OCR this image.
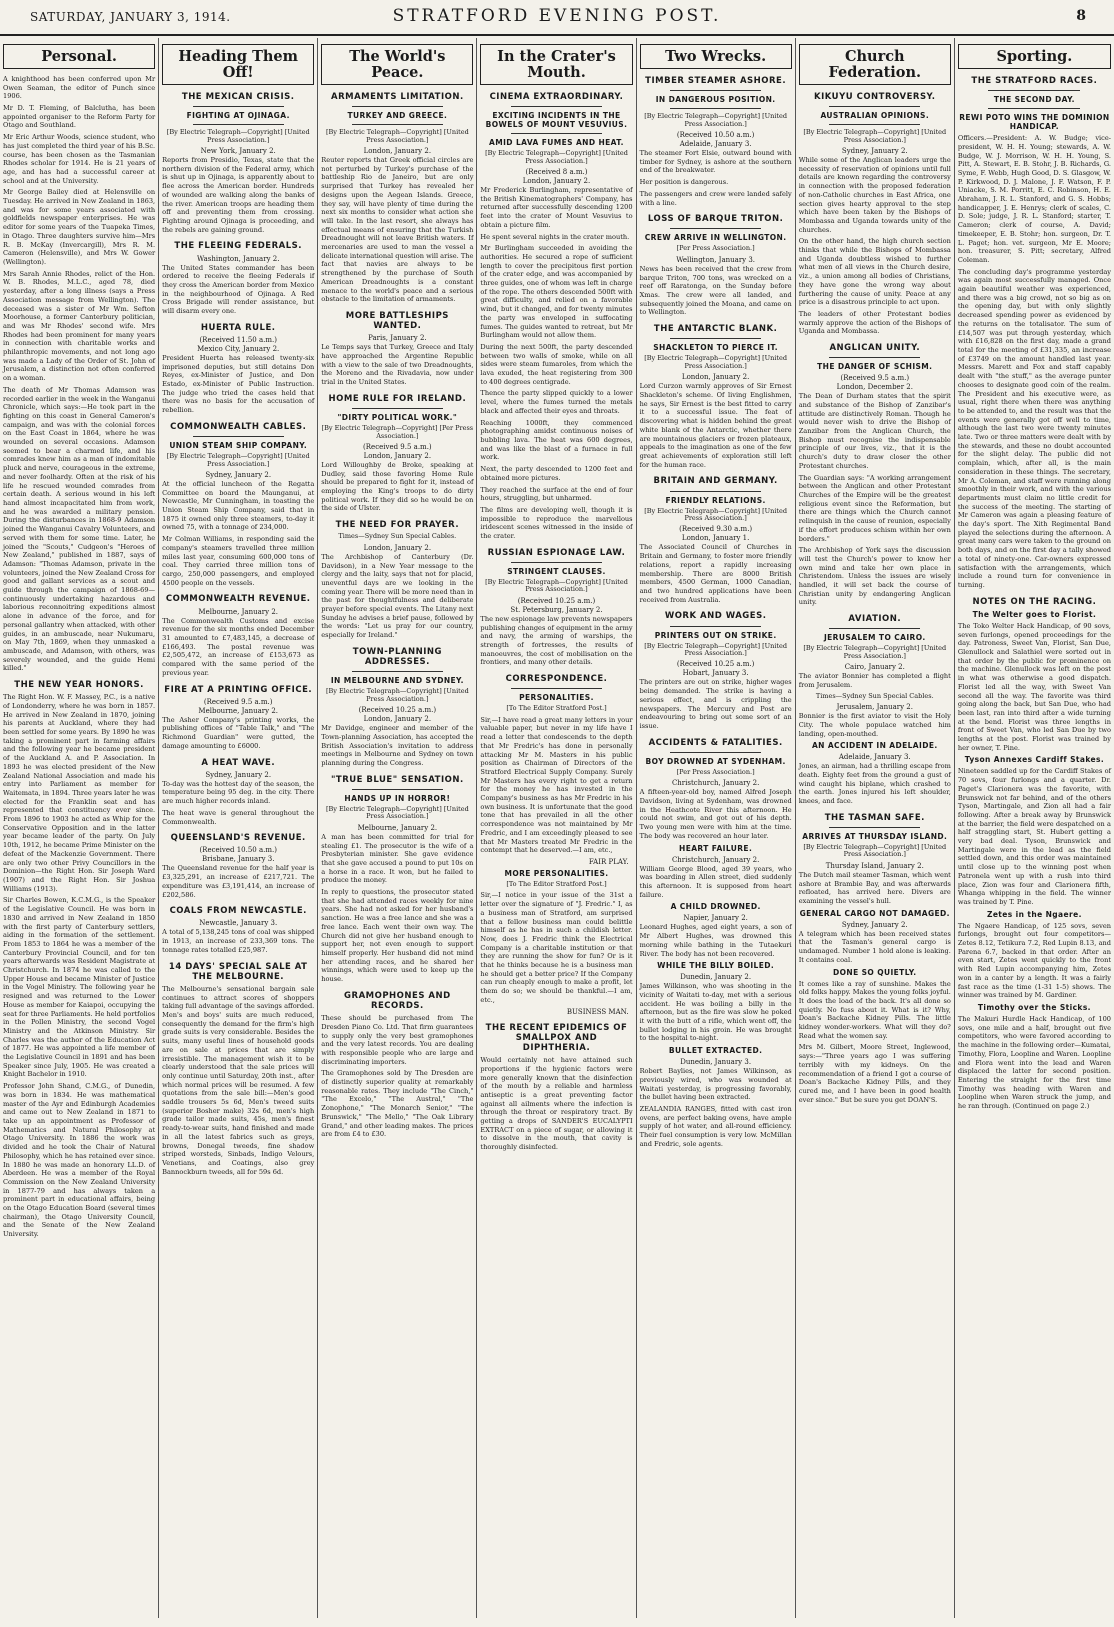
SATURDAY, JANUARY 3, 1914.	STRATFORD EVENING POST.	8
Personal.
A knighthood has been conferred upon Mr Owen Seaman, the editor of Punch since 1906.
Mr D. T. Fleming, of Balclutha, has been appointed organiser to the Reform Party for Otago and Southland.
Mr Eric Arthur Woods, science student, who has just completed the third year of his B.Sc. course, has been chosen as the Tasmanian Rhodes scholar for 1914. He is 21 years of age, and has had a successful career at school and at the University.
Mr George Bailey died at Helensville on Tuesday. He arrived in New Zealand in 1863, and was for some years associated with goldfields newspaper enterprises. He was editor for some years of the Tuapeka Times, in Otago. Three daughters survive him—Mrs R. B. McKay (Invercargill), Mrs R. M. Cameron (Helensville), and Mrs W. Gower (Wellington).
Mrs Sarah Annie Rhodes, relict of the Hon. W. B. Rhodes, M.L.C., aged 78, died yesterday, after a long illness (says a Press Association message from Wellington). The deceased was a sister of Mr Wm. Sefton Moorhouse, a former Canterbury politician, and was Mr Rhodes' second wife. Mrs Rhodes had been prominent for many years in connection with charitable works and philanthropic movements, and not long ago was made a Lady of the Order of St. John of Jerusalem, a distinction not often conferred on a woman.
The death of Mr Thomas Adamson was recorded earlier in the week in the Wanganui Chronicle, which says:—He took part in the fighting on this coast in General Cameron's campaign, and was with the colonial forces on the East Coast in 1864, where he was wounded on several occasions. Adamson seemed to bear a charmed life, and his comrades knew him as a man of indomitable pluck and nerve, courageous in the extreme, and never foolhardy. Often at the risk of his life he rescued wounded comrades from certain death. A serious wound in his left hand almost incapacitated him from work, and he was awarded a military pension. During the disturbances in 1868-9 Adamson joined the Wanganui Cavalry Volunteers, and served with them for some time. Later, he joined the "Scouts," Cudgeon's "Heroes of New Zealand," published in 1887, says of Adamson: "Thomas Adamson, private in the volunteers, joined the New Zealand Cross for good and gallant services as a scout and guide through the campaign of 1868-69—continuously undertaking hazardous and laborious reconnoitring expeditions almost alone in advance of the force, and for personal gallantry when attacked, with other guides, in an ambuscade, near Nukumaru, on May 7th, 1869, when they unmasked a ambuscade, and Adamson, with others, was severely wounded, and the guide Hemi killed."
THE NEW YEAR HONORS.
The Right Hon. W. F. Massey, P.C., is a native of Londonderry, where he was born in 1857. He arrived in New Zealand in 1870, joining his parents at Auckland, where they had been settled for some years. By 1890 he was taking a prominent part in farming affairs and the following year he became president of the Auckland A. and P. Association. In 1893 he was elected president of the New Zealand National Association and made his entry into Parliament as member for Waitemata, in 1894. Three years later he was elected for the Franklin seat and has represented that constituency ever since. From 1896 to 1903 he acted as Whip for the Conservative Opposition and in the latter year became leader of the party. On July 10th, 1912, he became Prime Minister on the defeat of the Mackenzie Government. There are only two other Privy Councillors in the Dominion—the Right Hon. Sir Joseph Ward (1907) and the Right Hon. Sir Joshua Williams (1913).
Sir Charles Bowen, K.C.M.G., is the Speaker of the Legislative Council. He was born in 1830 and arrived in New Zealand in 1850 with the first party of Canterbury settlers, aiding in the formation of the settlement. From 1853 to 1864 he was a member of the Canterbury Provincial Council, and for ten years afterwards was Resident Magistrate at Christchurch. In 1874 he was called to the Upper House and became Minister of Justice in the Vogel Ministry. The following year he resigned and was returned to the Lower House as member for Kaiapoi, occupying the seat for three Parliaments. He held portfolios in the Pollen Ministry, the second Vogel Ministry and the Atkinson Ministry. Sir Charles was the author of the Education Act of 1877. He was appointed a life member of the Legislative Council in 1891 and has been Speaker since July, 1905. He was created a Knight Bachelor in 1910.
Professor John Shand, C.M.G., of Dunedin, was born in 1834. He was mathematical master of the Ayr and Edinburgh Academies and came out to New Zealand in 1871 to take up an appointment as Professor of Mathematics and Natural Philosophy at Otago University. In 1886 the work was divided and he took the Chair of Natural Philosophy, which he has retained ever since. In 1880 he was made an honorary LL.D. of Aberdeen. He was a member of the Royal Commission on the New Zealand University in 1877-79 and has always taken a prominent part in educational affairs, being on the Otago Education Board (several times chairman), the Otago University Council, and the Senate of the New Zealand University.
Heading Them Off!
THE MEXICAN CRISIS.
FIGHTING AT OJINAGA.
[By Electric Telegraph—Copyright] [United Press Association.]
New York, January 2.
Reports from Presidio, Texas, state that the northern division of the Federal army, which is shut up in Ojinaga, is apparently about to flee across the American border. Hundreds of wounded are walking along the banks of the river. American troops are heading them off and preventing them from crossing. Fighting around Ojinaga is proceeding, and the rebels are gaining ground.
THE FLEEING FEDERALS.
Washington, January 2.
The United States commander has been ordered to receive the fleeing Federals if they cross the American border from Mexico in the neighbourhood of Ojinaga. A Red Cross Brigade will render assistance, but will disarm every one.
HUERTA RULE.
(Received 11.50 a.m.)
Mexico City, January 2.
President Huerta has released twenty-six imprisoned deputies, but still detains Don Reyes, ex-Minister of Justice, and Don Estado, ex-Minister of Public Instruction. The judge who tried the cases held that there was no basis for the accusation of rebellion.
COMMONWEALTH CABLES.
UNION STEAM SHIP COMPANY.
[By Electric Telegraph—Copyright] [United Press Association.]
Sydney, January 2.
At the official luncheon of the Regatta Committee on board the Maunganui, at Newcastle, Mr Cunningham, in toasting the Union Steam Ship Company, said that in 1875 it owned only three steamers, to-day it owned 75, with a tonnage of 234,000.
Mr Colman Williams, in responding said the company's steamers travelled three million miles last year, consuming 600,000 tons of coal. They carried three million tons of cargo, 250,000 passengers, and employed 4500 people on the vessels.
COMMONWEALTH REVENUE.
Melbourne, January 2.
The Commonwealth Customs and excise revenue for the six months ended December 31 amounted to £7,483,145, a decrease of £166,493. The postal revenue was £2,505,472, an increase of £153,673 as compared with the same period of the previous year.
FIRE AT A PRINTING OFFICE.
(Received 9.5 a.m.)
Melbourne, January 2.
The Asher Company's printing works, the publishing offices of "Table Talk," and "The Richmond Guardian" were gutted, the damage amounting to £6000.
A HEAT WAVE.
Sydney, January 2.
To-day was the hottest day of the season, the temperature being 95 deg. in the city. There are much higher records inland.
The heat wave is general throughout the Commonwealth.
QUEENSLAND'S REVENUE.
(Received 10.50 a.m.)
Brisbane, January 3.
The Queensland revenue for the half year is £3,325,291, an increase of £217,721. The expenditure was £3,191,414, an increase of £202,586.
COALS FROM NEWCASTLE.
Newcastle, January 3.
A total of 5,138,245 tons of coal was shipped in 1913, an increase of 233,369 tons. The tonnage rates totalled £25,987.
14 DAYS' SPECIAL SALE AT THE MELBOURNE.
The Melbourne's sensational bargain sale continues to attract scores of shoppers taking full advantage of the savings afforded. Men's and boys' suits are much reduced, consequently the demand for the firm's high grade suits is very considerable. Besides the suits, many useful lines of household goods are on sale at prices that are simply irresistible. The management wish it to be clearly understood that the sale prices will only continue until Saturday, 20th inst., after which normal prices will be resumed. A few quotations from the sale bill:—Men's good saddle trousers 5s 6d, Men's tweed suits (superior Bosher make) 32s 6d, men's high grade tailor made suits, 45s, men's finest ready-to-wear suits, hand finished and made in all the latest fabrics such as greys, browns, Donegal tweeds, fine shadow striped worsteds, Sinbads, Indigo Velours, Venetians, and Coatings, also grey Bannockburn tweeds, all for 59s 6d.
The World's Peace.
ARMAMENTS LIMITATION.
TURKEY AND GREECE.
[By Electric Telegraph—Copyright] [United Press Association.]
London, January 2.
Reuter reports that Greek official circles are not perturbed by Turkey's purchase of the battleship Rio de Janeiro, but are only surprised that Turkey has revealed her designs upon the Aegean Islands. Greece, they say, will have plenty of time during the next six months to consider what action she will take. In the last resort, she always has effectual means of ensuring that the Turkish Dreadnought will not leave British waters. If mercenaries are used to man the vessel a delicate international question will arise. The fact that navies are always to be strengthened by the purchase of South American Dreadnoughts is a constant menace to the world's peace and a serious obstacle to the limitation of armaments.
MORE BATTLESHIPS WANTED.
Paris, January 2.
Le Temps says that Turkey, Greece and Italy have approached the Argentine Republic with a view to the sale of two Dreadnoughts, the Moreno and the Rivadavia, now under trial in the United States.
HOME RULE FOR IRELAND.
"DIRTY POLITICAL WORK."
[By Electric Telegraph—Copyright] [Per Press Association.]
(Received 9.5 a.m.)
London, January 2.
Lord Willoughby de Broke, speaking at Dudley, said those favoring Home Rule should be prepared to fight for it, instead of employing the King's troops to do dirty political work. If they did so he would be on the side of Ulster.
THE NEED FOR PRAYER.
Times—Sydney Sun Special Cables.
London, January 2.
The Archbishop of Canterbury (Dr. Davidson), in a New Year message to the clergy and the laity, says that not for placid, uneventful days are we looking in the coming year. There will be more need than in the past for thoughtfulness and deliberate prayer before special events. The Litany next Sunday he advises a brief pause, followed by the words: "Let us pray for our country, especially for Ireland."
TOWN-PLANNING ADDRESSES.
IN MELBOURNE AND SYDNEY.
[By Electric Telegraph—Copyright] [United Press Association.]
(Received 10.25 a.m.)
London, January 2.
Mr Davidge, engineer and member of the Town-planning Association, has accepted the British Association's invitation to address meetings in Melbourne and Sydney on town planning during the Congress.
"TRUE BLUE" SENSATION.
HANDS UP IN HORROR!
[By Electric Telegraph—Copyright] [United Press Association.]
Melbourne, January 2.
A man has been committed for trial for stealing £1. The prosecutor is the wife of a Presbyterian minister. She gave evidence that she gave accused a pound to put 10s on a horse in a race. It won, but he failed to produce the money.
In reply to questions, the prosecutor stated that she had attended races weekly for nine years. She had not asked for her husband's sanction. He was a free lance and she was a free lance. Each went their own way. The Church did not give her husband enough to support her, not even enough to support himself properly. Her husband did not mind her attending races, and he shared her winnings, which were used to keep up the house.
GRAMOPHONES AND RECORDS.
These should be purchased from The Dresden Piano Co. Ltd. That firm guarantees to supply only the very best gramophones and the very latest records. You are dealing with responsible people who are large and discriminating importers.
The Gramophones sold by The Dresden are of distinctly superior quality at remarkably reasonable rates. They include "The Cinch," "The Excelo," "The Austral," "The Zonophone," "The Monarch Senior," "The Brunswick," "The Mello," "The Oak Library Grand," and other leading makes. The prices are from £4 to £30.
In the Crater's Mouth.
CINEMA EXTRAORDINARY.
EXCITING INCIDENTS IN THE BOWELS OF MOUNT VESUVIUS.
AMID LAVA FUMES AND HEAT.
[By Electric Telegraph—Copyright] [United Press Association.]
(Received 8 a.m.)
London, January 2.
Mr Frederick Burlingham, representative of the British Kinematographers' Company, has returned after successfully descending 1200 feet into the crater of Mount Vesuvius to obtain a picture film.
He spent several nights in the crater mouth.
Mr Burlingham succeeded in avoiding the authorities. He secured a rope of sufficient length to cover the precipitous first portion of the crater edge, and was accompanied by three guides, one of whom was left in charge of the rope. The others descended 500ft with great difficulty, and relied on a favorable wind, but it changed, and for twenty minutes the party was enveloped in suffocating fumes. The guides wanted to retreat, but Mr Burlingham would not allow them.
During the next 500ft, the party descended between two walls of smoke, while on all sides were steam fumaroles, from which the lava exuded, the heat registering from 300 to 400 degrees centigrade.
Thence the party slipped quickly to a lower level, where the fumes turned the metals black and affected their eyes and throats.
Reaching 1000ft, they commenced photographing amidst continuous noises of bubbling lava. The heat was 600 degrees, and was like the blast of a furnace in full work.
Next, the party descended to 1200 feet and obtained more pictures.
They reached the surface at the end of four hours, struggling, but unharmed.
The films are developing well, though it is impossible to reproduce the marvellous iridescent scenes witnessed in the inside of the crater.
RUSSIAN ESPIONAGE LAW.
STRINGENT CLAUSES.
[By Electric Telegraph—Copyright] [United Press Association.]
(Received 10.25 a.m.)
St. Petersburg, January 2.
The new espionage law prevents newspapers publishing changes of equipment in the army and navy, the arming of warships, the strength of fortresses, the results of manoeuvres, the cost of mobilisation on the frontiers, and many other details.
CORRESPONDENCE.
PERSONALITIES.
[To The Editor Stratford Post.]
Sir,—I have read a great many letters in your valuable paper, but never in my life have I read a letter that condescends to the depth that Mr Fredric's has done in personally attacking Mr M. Masters in his public position as Chairman of Directors of the Stratford Electrical Supply Company. Surely Mr Masters has every right to get a return for the money he has invested in the Company's business as has Mr Fredric in his own business. It is unfortunate that the good tone that has prevailed in all the other correspondence was not maintained by Mr Fredric, and I am exceedingly pleased to see that Mr Masters treated Mr Fredric in the contempt that he deserved.—I am, etc.,
FAIR PLAY.
MORE PERSONALITIES.
[To The Editor Stratford Post.]
Sir,—I notice in your issue of the 31st a letter over the signature of "J. Fredric." I, as a business man of Stratford, am surprised that a fellow business man could belittle himself as he has in such a childish letter. Now, does J. Fredric think the Electrical Company is a charitable institution or that they are running the show for fun? Or is it that he thinks because he is a business man he should get a better price? If the Company can run cheaply enough to make a profit, let them do so; we should be thankful.—I am, etc.,
BUSINESS MAN.
THE RECENT EPIDEMICS OF SMALLPOX AND DIPHTHERIA.
Would certainly not have attained such proportions if the hygienic factors were more generally known that the disinfection of the mouth by a reliable and harmless antiseptic is a great preventing factor against all ailments where the infection is through the throat or respiratory tract. By getting a drops of SANDER'S EUCALYPTI EXTRACT on a piece of sugar, or allowing it to dissolve in the mouth, that cavity is thoroughly disinfected.
Two Wrecks.
TIMBER STEAMER ASHORE.
IN DANGEROUS POSITION.
[By Electric Telegraph—Copyright] [United Press Association.]
(Received 10.50 a.m.)
Adelaide, January 3.
The steamer Fort Elsie, outward bound with timber for Sydney, is ashore at the southern end of the breakwater.
Her position is dangerous.
The passengers and crew were landed safely with a line.
LOSS OF BARQUE TRITON.
CREW ARRIVE IN WELLINGTON.
[Per Press Association.]
Wellington, January 3.
News has been received that the crew from barque Triton, 700 tons, was wrecked on a reef off Raratonga, on the Sunday before Xmas. The crew were all landed, and subsequently joined the Moana, and came on to Wellington.
THE ANTARCTIC BLANK.
SHACKLETON TO PIERCE IT.
[By Electric Telegraph—Copyright] [United Press Association.]
London, January 2.
Lord Curzon warmly approves of Sir Ernest Shackleton's scheme. Of living Englishmen, he says, Sir Ernest is the best fitted to carry it to a successful issue. The feat of discovering what is hidden behind the great white blank of the Antarctic, whether there are mountainous glaciers or frozen plateaux, appeals to the imagination as one of the few great achievements of exploration still left for the human race.
BRITAIN AND GERMANY.
FRIENDLY RELATIONS.
[By Electric Telegraph—Copyright] [United Press Association.]
(Received 9.30 a.m.)
London, January 1.
The Associated Council of Churches in Britain and Germany, to foster more friendly relations, report a rapidly increasing membership. There are 8000 British members, 4500 German, 1000 Canadian, and two hundred applications have been received from Australia.
WORK AND WAGES.
PRINTERS OUT ON STRIKE.
[By Electric Telegraph—Copyright] [United Press Association.]
(Received 10.25 a.m.)
Hobart, January 3.
The printers are out on strike, higher wages being demanded. The strike is having a serious effect, and is crippling the newspapers. The Mercury and Post are endeavouring to bring out some sort of an issue.
ACCIDENTS & FATALITIES.
BOY DROWNED AT SYDENHAM.
[Per Press Association.]
Christchurch, January 2.
A fifteen-year-old boy, named Alfred Joseph Davidson, living at Sydenham, was drowned in the Heathcote River this afternoon. He could not swim, and got out of his depth. Two young men were with him at the time. The body was recovered an hour later.
HEART FAILURE.
Christchurch, January 2.
William George Blood, aged 39 years, who was boarding in Allen street, died suddenly this afternoon. It is supposed from heart failure.
A CHILD DROWNED.
Napier, January 2.
Leonard Hughes, aged eight years, a son of Mr Albert Hughes, was drowned this morning while bathing in the Tutaekuri River. The body has not been recovered.
WHILE THE BILLY BOILED.
Dunedin, January 2.
James Wilkinson, who was shooting in the vicinity of Waitati to-day, met with a serious accident. He was boiling a billy in the afternoon, but as the fire was slow he poked it with the butt of a rifle, which went off, the bullet lodging in his groin. He was brought to the hospital to-night.
BULLET EXTRACTED.
Dunedin, January 3.
Robert Baylies, not James Wilkinson, as previously wired, who was wounded at Waitati yesterday, is progressing favorably, the bullet having been extracted.
ZEALANDIA RANGES, fitted with cast iron ovens, are perfect baking ovens, have ample supply of hot water, and all-round efficiency. Their fuel consumption is very low. McMillan and Fredric, sole agents.
Church Federation.
KIKUYU CONTROVERSY.
AUSTRALIAN OPINIONS.
[By Electric Telegraph—Copyright] [United Press Association.]
Sydney, January 2.
While some of the Anglican leaders urge the necessity of reservation of opinions until full details are known regarding the controversy in connection with the proposed federation of non-Catholic churches in East Africa, one section gives hearty approval to the step which have been taken by the Bishops of Mombassa and Uganda towards unity of the churches.
On the other hand, the high church section thinks that while the Bishops of Mombassa and Uganda doubtless wished to further what men of all views in the Church desire, viz., a union among all bodies of Christians, they have gone the wrong way about furthering the cause of unity. Peace at any price is a disastrous principle to act upon.
The leaders of other Protestant bodies warmly approve the action of the Bishops of Uganda and Mombassa.
ANGLICAN UNITY.
THE DANGER OF SCHISM.
(Received 9.5 a.m.)
London, December 2.
The Dean of Durham states that the spirit and substance of the Bishop of Zanzibar's attitude are distinctively Roman. Though he would never wish to drive the Bishop of Zanzibar from the Anglican Church, the Bishop must recognise the indispensable principle of our lives, viz., that it is the church's duty to draw closer the other Protestant churches.
The Guardian says: "A working arrangement between the Anglican and other Protestant Churches of the Empire will be the greatest religious event since the Reformation, but there are things which the Church cannot relinquish in the cause of reunion, especially if the effort produces schism within her own borders."
The Archbishop of York says the discussion will test the Church's power to know her own mind and take her own place in Christendom. Unless the issues are wisely handled, it will set back the course of Christian unity by endangering Anglican unity.
AVIATION.
JERUSALEM TO CAIRO.
[By Electric Telegraph—Copyright] [United Press Association.]
Cairo, January 2.
The aviator Bonnier has completed a flight from Jerusalem.
Times—Sydney Sun Special Cables.
Jerusalem, January 2.
Bonnier is the first aviator to visit the Holy City. The whole populace watched him landing, open-mouthed.
AN ACCIDENT IN ADELAIDE.
Adelaide, January 3.
Jones, an airman, had a thrilling escape from death. Eighty feet from the ground a gust of wind caught his biplane, which crashed to the earth. Jones injured his left shoulder, knees, and face.
THE TASMAN SAFE.
ARRIVES AT THURSDAY ISLAND.
[By Electric Telegraph—Copyright] [United Press Association.]
Thursday Island, January 2.
The Dutch mail steamer Tasman, which went ashore at Brambie Bay, and was afterwards refloated, has arrived here. Divers are examining the vessel's hull.
GENERAL CARGO NOT DAMAGED.
Sydney, January 2.
A telegram which has been received states that the Tasman's general cargo is undamaged. Number 1 hold alone is leaking. It contains coal.
DONE SO QUIETLY.
It comes like a ray of sunshine. Makes the old folks happy. Makes the young folks joyful. It does the load of the back. It's all done so quietly. No fuss about it. What is it? Why, Doan's Backache Kidney Pills. The little kidney wonder-workers. What will they do? Read what the women say.
Mrs M. Gilbert, Moore Street, Inglewood, says:—"Three years ago I was suffering terribly with my kidneys. On the recommendation of a friend I got a course of Doan's Backache Kidney Pills, and they cured me, and I have been in good health ever since." But be sure you get DOAN'S.
Sporting.
THE STRATFORD RACES.
THE SECOND DAY.
REWI POTO WINS THE DOMINION HANDICAP.
Officers.—President: A. W. Budge; vice-president, W. H. H. Young; stewards, A. W. Budge, W. J. Morrison, W. H. H. Young, S. Pitt, A. Stewart, E. B. Stohr, J. B. Richards, G. Syme, F. Webb, Hugh Good, D. S. Glasgow, W. P. Kirkwood, D. J. Malone, J. F. Watson, F. P. Uniacke, S. M. Porritt, E. C. Robinson, H. E. Abraham, J. R. L. Stanford, and G. S. Hobbs; handicapper, J. E. Henrys; clerk of scales, C. D. Sole; judge, J. R. L. Stanford; starter, T. Cameron; clerk of course, A. David; timekeeper, E. B. Stohr; hon. surgeon, Dr. T. L. Paget; hon. vet. surgeon, Mr E. Moore; hon. treasurer, S. Pitt; secretary, Alfred Coleman.
The concluding day's programme yesterday was again most successfully managed. Once again beautiful weather was experienced, and there was a big crowd, not so big as on the opening day, but with only slightly decreased spending power as evidenced by the returns on the totalisator. The sum of £14,507 was put through yesterday, which with £16,828 on the first day, made a grand total for the meeting of £31,335, an increase of £3749 on the amount handled last year. Messrs. Marett and Fox and staff capably dealt with "the stuff," as the average punter chooses to designate good coin of the realm. The President and his executive were, as usual, right there when there was anything to be attended to, and the result was that the events were generally got off well to time, although the last two were twenty minutes late. Two or three matters were dealt with by the stewards, and these no doubt accounted for the slight delay. The public did not complain, which, after all, is the main consideration in these things. The secretary, Mr A. Coleman, and staff were running along smoothly in their work, and with the various departments must claim no little credit for the success of the meeting. The starting of Mr Cameron was again a pleasing feature of the day's sport. The Xith Regimental Band played the selections during the afternoon. A great many cars were taken to the ground on both days, and on the first day a tally showed a total of ninety-one. Car-owners expressed satisfaction with the arrangements, which include a round turn for convenience in turning.
NOTES ON THE RACING.
The Welter goes to Florist.
The Toko Welter Hack Handicap, of 90 sovs, seven furlongs, opened proceedings for the day. Patroness, Sweet Van, Florist, San Due, Glenullock and Salathiel were sorted out in that order by the public for prominence on the machine. Glenullock was left on the post in what was otherwise a good dispatch. Florist led all the way, with Sweet Van second all the way. The favorite was third going along the back, but San Due, who had been last, ran into third after a wide turning at the bend. Florist was three lengths in front of Sweet Van, who led San Due by two lengths at the post. Florist was trained by her owner, T. Pine.
Tyson Annexes Cardiff Stakes.
Nineteen saddled up for the Cardiff Stakes of 70 sovs, four furlongs and a quarter. Dr. Paget's Clarionera was the favorite, with Brunswick not far behind, and of the others Tyson, Martingale, and Zion all had a fair following. After a break away by Brunswick at the barrier, the field were despatched on a half straggling start, St. Hubert getting a very bad deal. Tyson, Brunswick and Martingale were in the lead as the field settled down, and this order was maintained until close up to the winning post when Patronela went up with a rush into third place, Zion was four and Clarionera fifth, Whanga whipping in the field. The winner was trained by T. Pine.
Zetes in the Ngaere.
The Ngaere Handicap, of 125 sovs, seven furlongs, brought out four competitors—Zetes 8.12, Tetikura 7.2, Red Lupin 8.13, and Parena 6.7, backed in that order. After an even start, Zetes went quickly to the front with Red Lupin accompanying him, Zetes won in a canter by a length. It was a fairly fast race as the time (1-31 1-5) shows. The winner was trained by M. Gardiner.
Timothy over the Sticks.
The Makuri Hurdle Hack Handicap, of 100 sovs, one mile and a half, brought out five competitors, who were favored according to the machine in the following order—Kumatai, Timothy, Flora, Loopline and Waren. Loopline and Flora went into the lead and Waren displaced the latter for second position. Entering the straight for the first time Timothy was heading with Waren and Loopline when Waren struck the jump, and he ran through. (Continued on page 2.)
